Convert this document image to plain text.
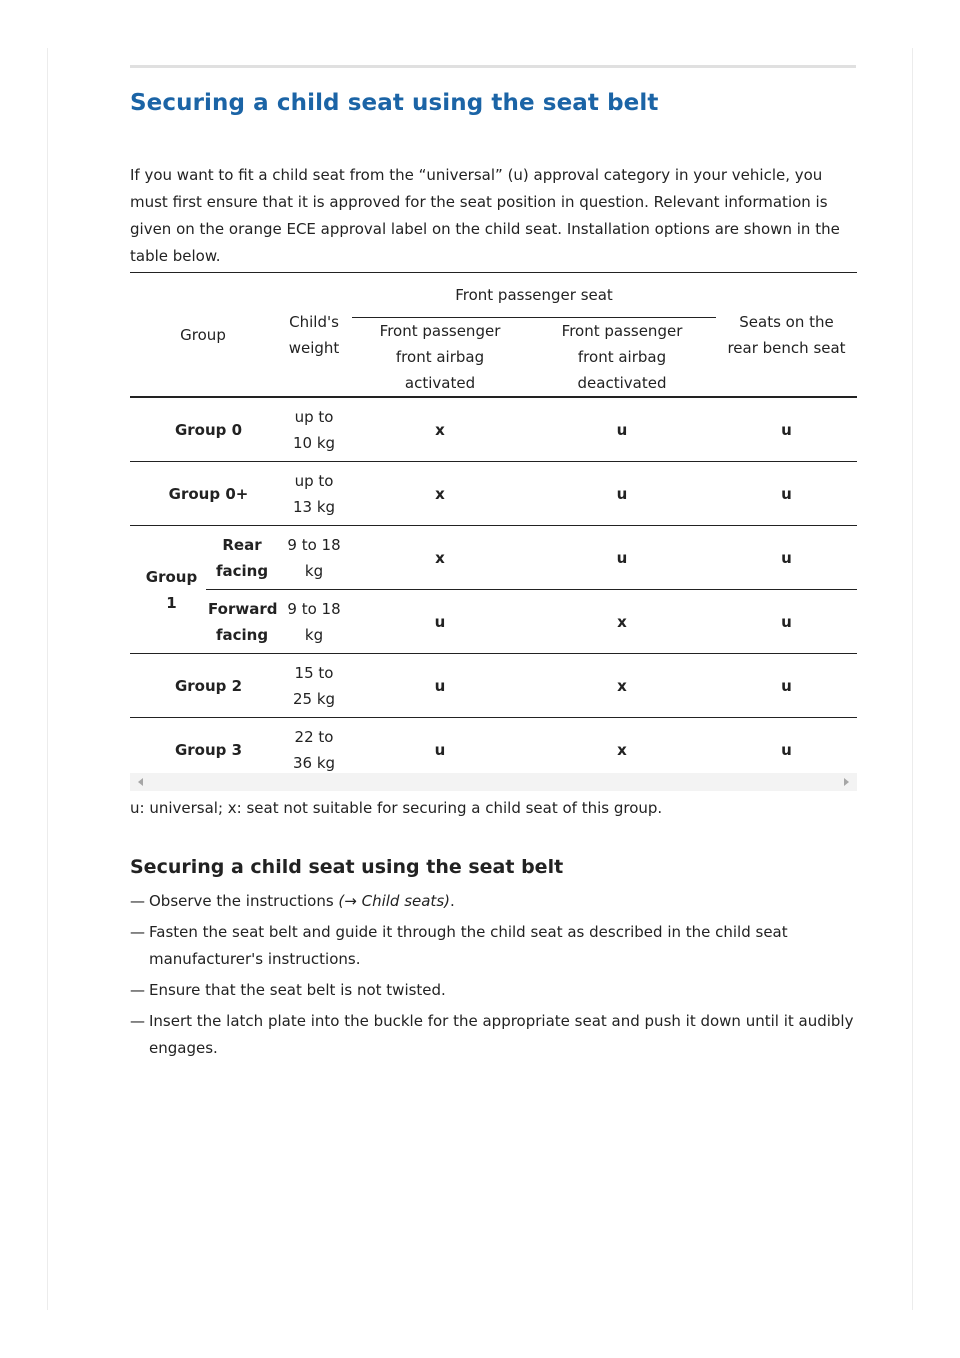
Securing a child seat using the seat belt

If you want to fit a child seat from the “universal” (u) approval category in your vehicle, you must first ensure that it is approved for the seat position in question. Relevant information is given on the orange ECE approval label on the child seat. Installation options are shown in the table below.

Group		Child's weight	Front passenger seat		Seats on the rear bench seat
			Front passenger front airbag activated	Front passenger front airbag deactivated	
Group 0		up to 10 kg	x	u	u
Group 0+		up to 13 kg	x	u	u
Group 1	Rear facing	9 to 18 kg	x	u	u
	Forward facing	9 to 18 kg	u	x	u
Group 2		15 to 25 kg	u	x	u
Group 3		22 to 36 kg	u	x	u

u: universal; x: seat not suitable for securing a child seat of this group.

Securing a child seat using the seat belt
— Observe the instructions (→ Child seats).
— Fasten the seat belt and guide it through the child seat as described in the child seat manufacturer's instructions.
— Ensure that the seat belt is not twisted.
— Insert the latch plate into the buckle for the appropriate seat and push it down until it audibly engages.
